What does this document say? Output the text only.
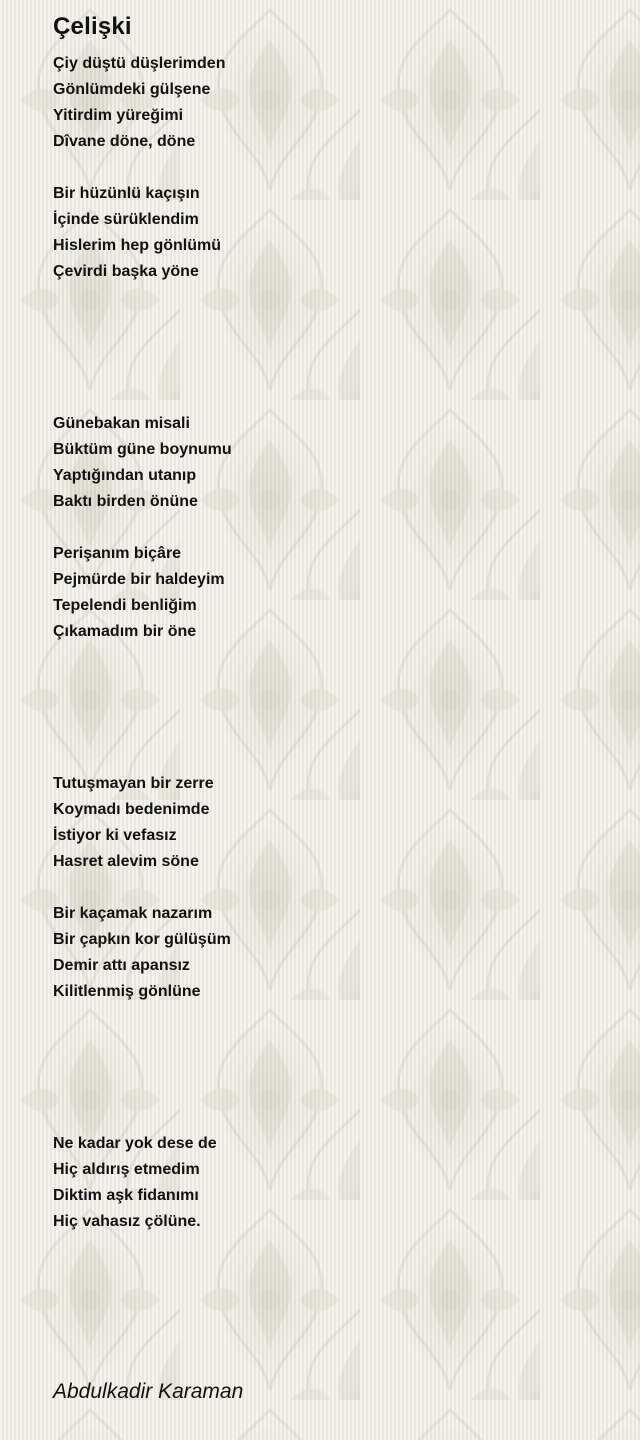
Çelişki
Çiy düştü düşlerimden
Gönlümdeki gülşene
Yitirdim yüreğimi
Dîvane döne, döne
Bir hüzünlü kaçışın
İçinde sürüklendim
Hislerim hep gönlümü
Çevirdi başka yöne
Günebakan misali
Büktüm güne boynumu
Yaptığından utanıp
Baktı birden önüne
Perişanım biçâre
Pejmürde bir haldeyim
Tepelendi benliğim
Çıkamadım bir öne
Tutuşmayan bir zerre
Koymadı bedenimde
İstiyor ki vefasız
Hasret alevim söne
Bir kaçamak nazarım
Bir çapkın kor gülüşüm
Demir attı apansız
Kilitlenmiş gönlüne
Ne kadar yok dese de
Hiç aldırış etmedim
Diktim aşk fidanımı
Hiç vahasız çölüne.
Abdulkadir Karaman
